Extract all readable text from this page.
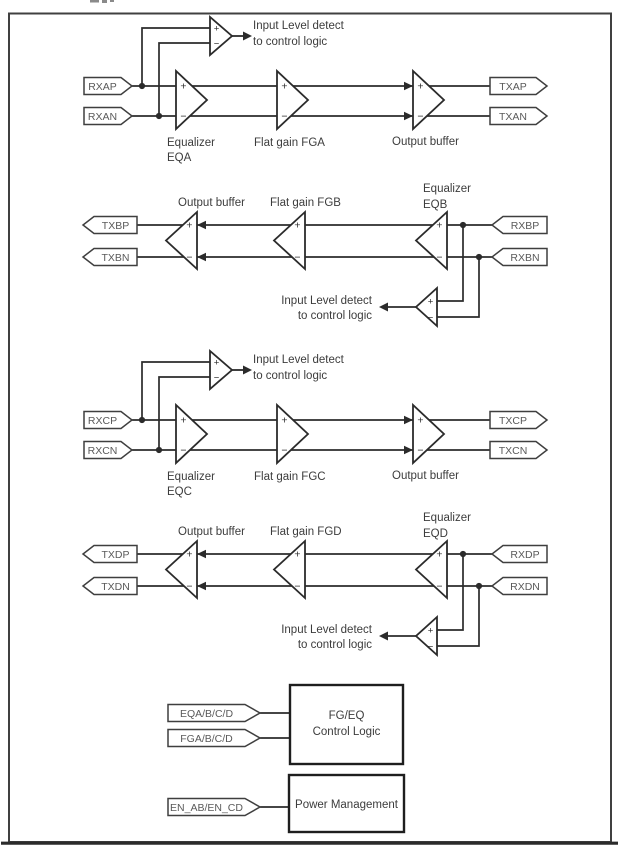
+
−
+
−
+
−
+
−
Input Level detect
to control logic
RXAP
RXAN
TXAP
TXAN
Equalizer
EQA
Flat gain FGA	Output buffer
+
−
+
−
+
−
+
−
Input Level detect
to control logic
TXBP
TXBN
RXBP
RXBN
Output buffer Flat gain FGB
Equalizer
EQB
+
−
+
−
+
−
+
−
Input Level detect
to control logic
RXCP
RXCN
TXCP
TXCN
Equalizer
EQC
Flat gain FGC	Output buffer
+
−
+
−
+
−
+
−
Input Level detect
to control logic
TXDP
TXDN
RXDP
RXDN
Output buffer Flat gain FGD
Equalizer
EQD
EQA/B/C/D
FGA/B/C/D
FG/EQ
Control Logic
EN_AB/EN_CD	Power Management
